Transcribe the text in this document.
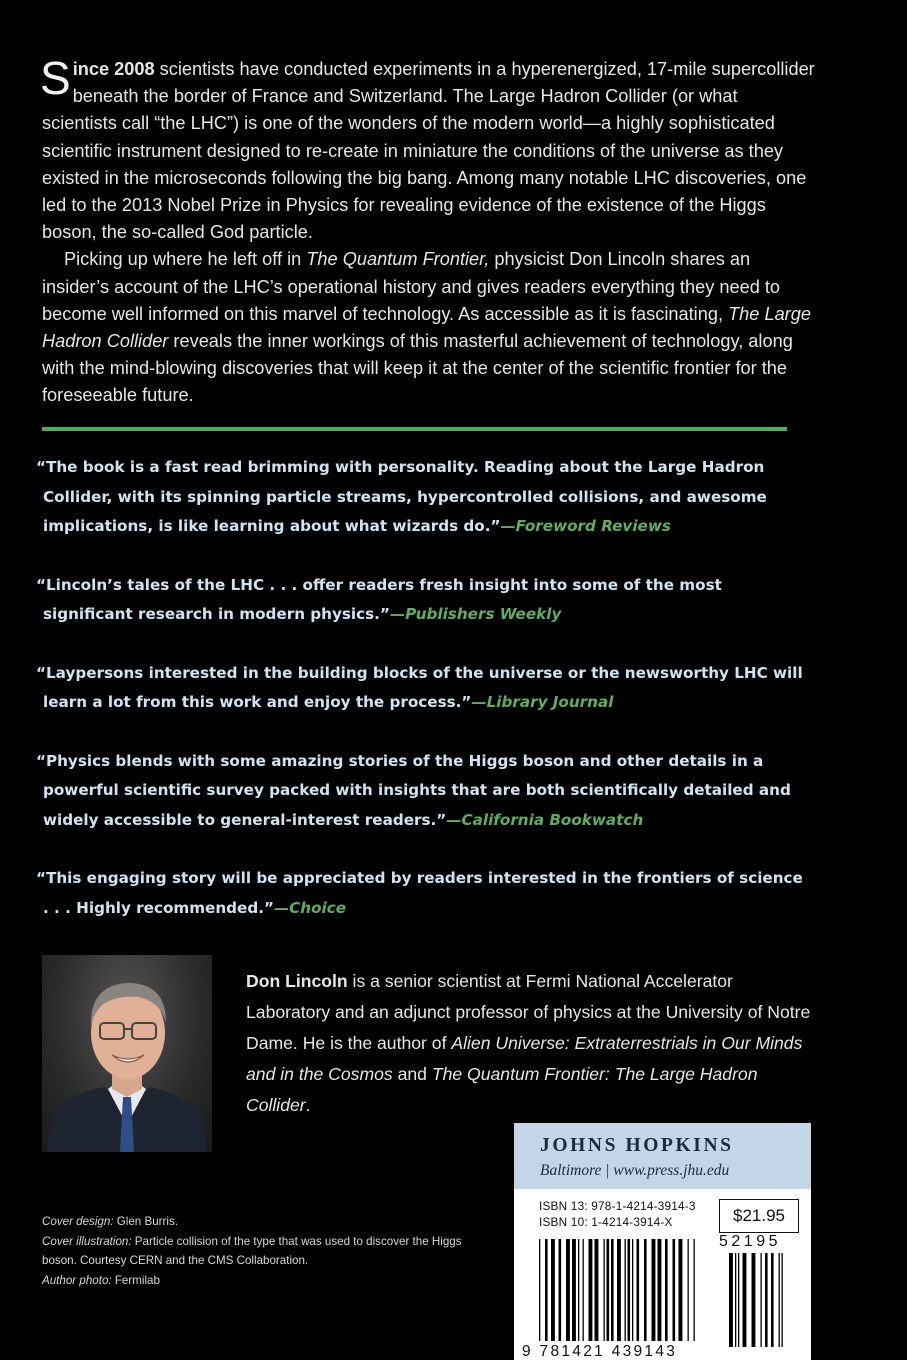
Since 2008 scientists have conducted experiments in a hyperenergized, 17-mile supercollider beneath the border of France and Switzerland. The Large Hadron Collider (or what scientists call “the LHC”) is one of the wonders of the modern world—a highly sophisticated scientific instrument designed to re-create in miniature the conditions of the universe as they existed in the microseconds following the big bang. Among many notable LHC discoveries, one led to the 2013 Nobel Prize in Physics for revealing evidence of the existence of the Higgs boson, the so-called God particle.

Picking up where he left off in The Quantum Frontier, physicist Don Lincoln shares an insider’s account of the LHC’s operational history and gives readers everything they need to become well informed on this marvel of technology. As accessible as it is fascinating, The Large Hadron Collider reveals the inner workings of this masterful achievement of technology, along with the mind-blowing discoveries that will keep it at the center of the scientific frontier for the foreseeable future.

“The book is a fast read brimming with personality. Reading about the Large Hadron Collider, with its spinning particle streams, hypercontrolled collisions, and awesome implications, is like learning about what wizards do.”—Foreword Reviews
“Lincoln’s tales of the LHC . . . offer readers fresh insight into some of the most significant research in modern physics.”—Publishers Weekly
“Laypersons interested in the building blocks of the universe or the newsworthy LHC will learn a lot from this work and enjoy the process.”—Library Journal
“Physics blends with some amazing stories of the Higgs boson and other details in a powerful scientific survey packed with insights that are both scientifically detailed and widely accessible to general-interest readers.”—California Bookwatch
“This engaging story will be appreciated by readers interested in the frontiers of science . . . Highly recommended.”—Choice

Don Lincoln is a senior scientist at Fermi National Accelerator Laboratory and an adjunct professor of physics at the University of Notre Dame. He is the author of Alien Universe: Extraterrestrials in Our Minds and in the Cosmos and The Quantum Frontier: The Large Hadron Collider.

Cover design: Glen Burris.
Cover illustration: Particle collision of the type that was used to discover the Higgs boson. Courtesy CERN and the CMS Collaboration.
Author photo: Fermilab
JOHNS HOPKINS
Baltimore | www.press.jhu.edu
ISBN 13: 978-1-4214-3914-3
ISBN 10: 1-4214-3914-X	$21.95
52195
9 781421 439143
